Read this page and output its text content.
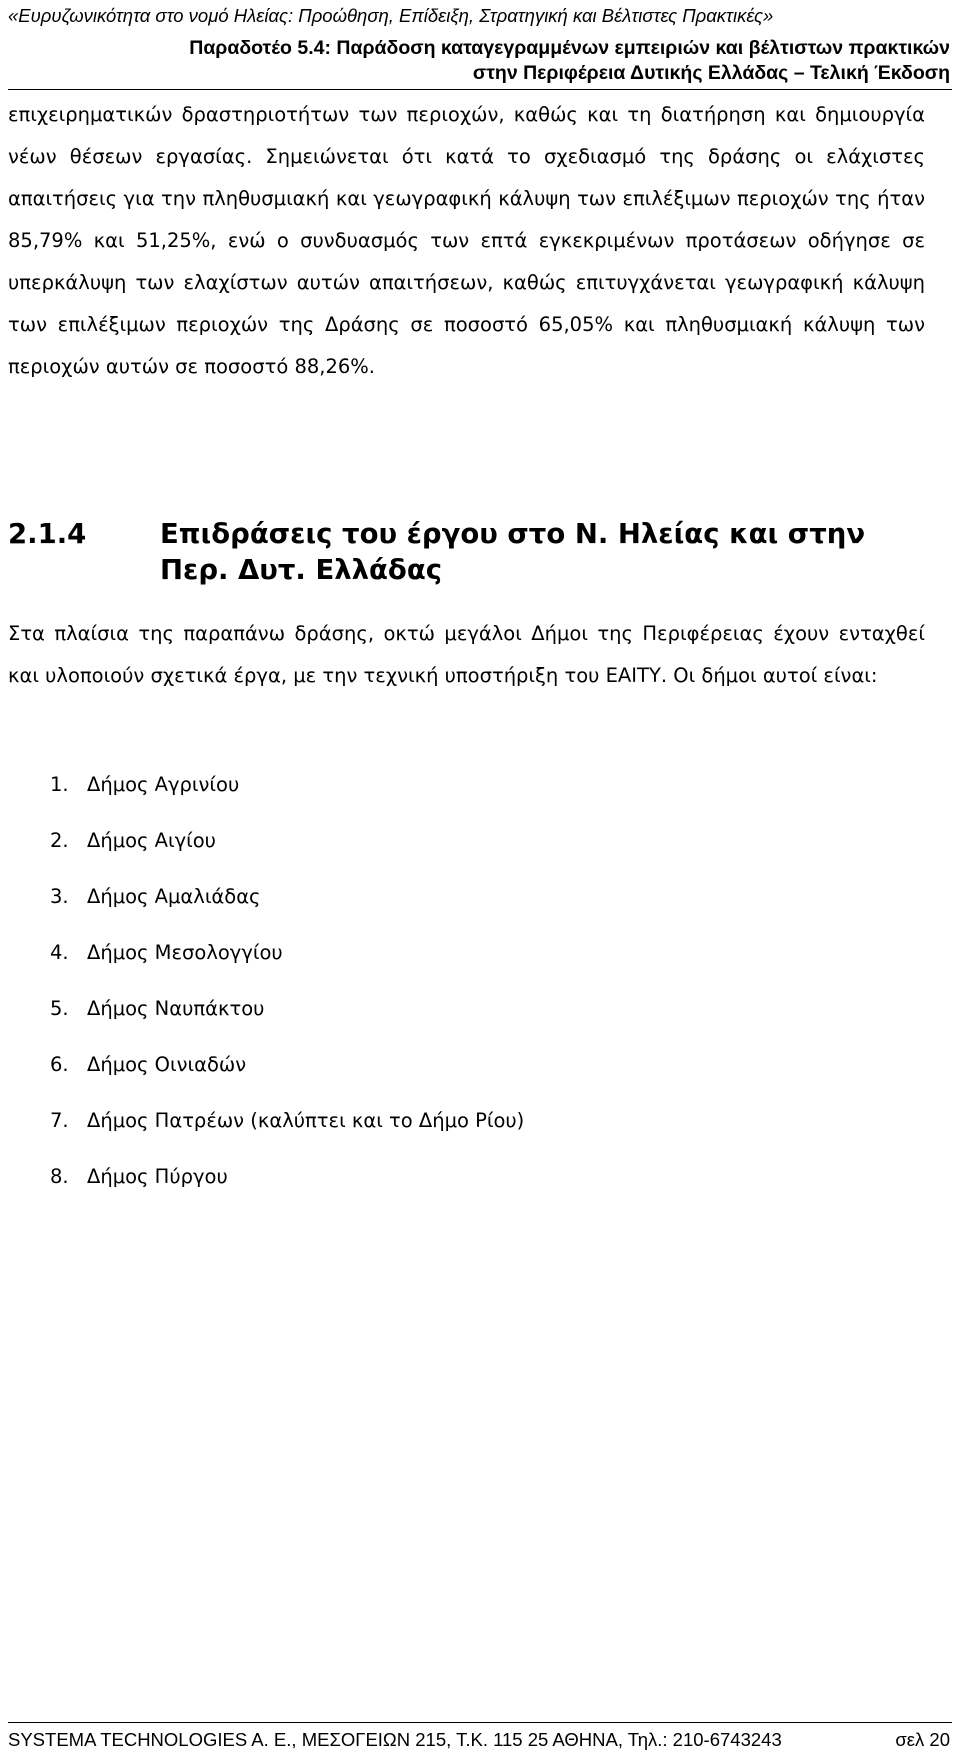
«Ευρυζωνικότητα στο νομό Ηλείας: Προώθηση, Επίδειξη, Στρατηγική και Βέλτιστες Πρακτικές»
Παραδοτέο 5.4: Παράδοση καταγεγραμμένων εμπειριών και βέλτιστων πρακτικών
στην Περιφέρεια Δυτικής Ελλάδας – Τελική Έκδοση

επιχειρηματικών δραστηριοτήτων των περιοχών, καθώς και τη διατήρηση και δημιουργία νέων θέσεων εργασίας. Σημειώνεται ότι κατά το σχεδιασμό της δράσης οι ελάχιστες απαιτήσεις για την πληθυσμιακή και γεωγραφική κάλυψη των επιλέξιμων περιοχών της ήταν 85,79% και 51,25%, ενώ ο συνδυασμός των επτά εγκεκριμένων προτάσεων οδήγησε σε υπερκάλυψη των ελαχίστων αυτών απαιτήσεων, καθώς επιτυγχάνεται γεωγραφική κάλυψη των επιλέξιμων περιοχών της Δράσης σε ποσοστό 65,05% και πληθυσμιακή κάλυψη των περιοχών αυτών σε ποσοστό 88,26%.

2.1.4	Επιδράσεις του έργου στο Ν. Ηλείας και στην
Περ. Δυτ. Ελλάδας

Στα πλαίσια της παραπάνω δράσης, οκτώ μεγάλοι Δήμοι της Περιφέρειας έχουν ενταχθεί και υλοποιούν σχετικά έργα, με την τεχνική υποστήριξη του ΕΑΙΤΥ. Οι δήμοι αυτοί είναι:

1. Δήμος Αγρινίου
2. Δήμος Αιγίου
3. Δήμος Αμαλιάδας
4. Δήμος Μεσολογγίου
5. Δήμος Ναυπάκτου
6. Δήμος Οινιαδών
7. Δήμος Πατρέων (καλύπτει και το Δήμο Ρίου)
8. Δήμος Πύργου
SYSTEMA TECHNOLOGIES A. E., ΜΕΣΟΓΕΙΩΝ 215, Τ.Κ. 115 25 ΑΘΗΝΑ, Τηλ.: 210-6743243	σελ 20
